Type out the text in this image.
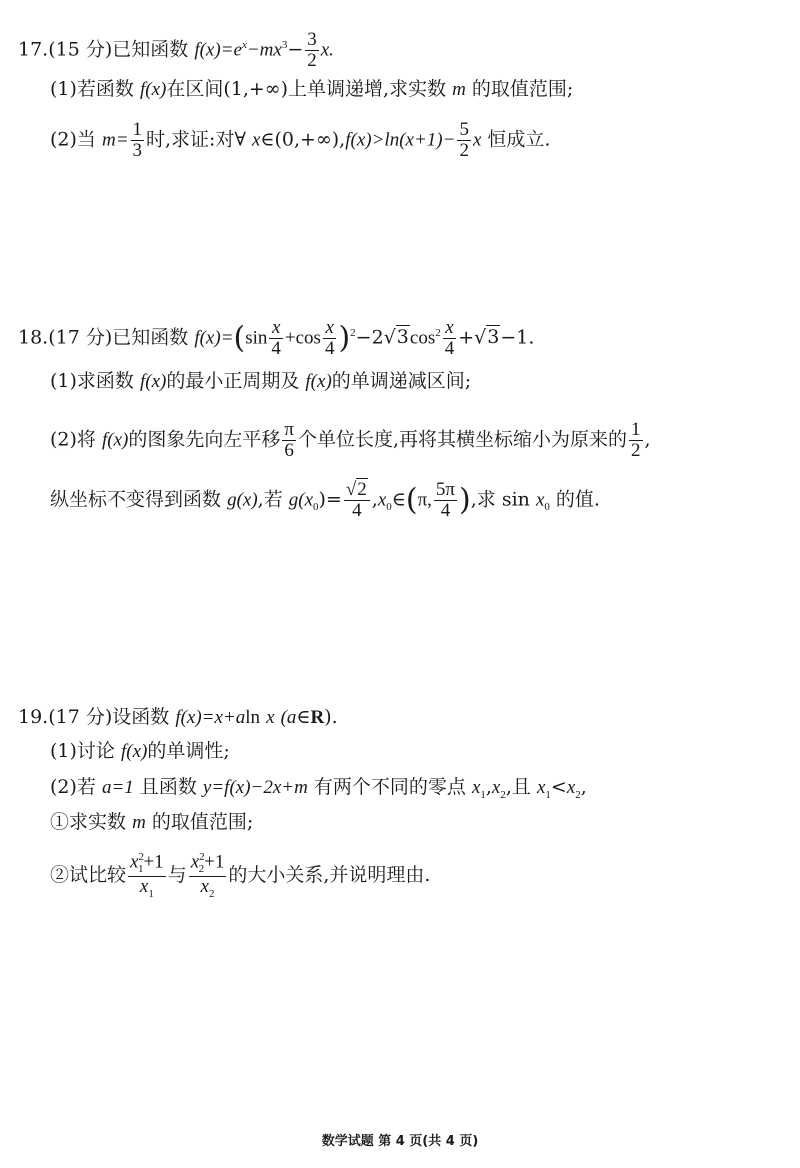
17.(15 分)已知函数 $f(x)=e^x-mx^3- \frac{3}{2} x$.
(1)若函数 f(x)在区间(1,+∞)上单调递增,求实数 m 的取值范围;
(2)当 $m= \frac{1}{3}$ 时,求证:对∀ x∈(0,+∞),f(x)>ln(x+1)− $\frac{5}{2}$ x 恒成立.
18.(17 分)已知函数 $f(x)=(\sin \frac{x}{4} +\cos \frac{x}{4} )^2-2√3\cos^2 \frac{x}{4} +√3-1$.
(1)求函数 f(x)的最小正周期及 f(x)的单调递减区间;
(2)将 f(x)的图象先向左平移 $\frac{\pi}{6}$ 个单位长度,再将其横坐标缩小为原来的 $\frac{1}{2}$ ,
纵坐标不变得到函数 g(x),若 $g(x_0)= \frac{√2}{4}$ $,x_0\in(\pi$, $\frac{5\pi}{4}$ ),求 $\sin x_0$ 的值.
19.(17 分)设函数 f(x)=x+aln x (a∈R).
(1)讨论 f(x)的单调性;
(2)若 a=1 且函数 y=f(x)−2x+m 有两个不同的零点 $x_1,x_2$,且 $x_1<x_2$,
①求实数 m 的取值范围;
②试比较 $\frac{x^2_1+1}{x_1}$ 与 $\frac{x^2_2+1}{x_2}$ 的大小关系,并说明理由.
数学试题 第 4 页(共 4 页)
